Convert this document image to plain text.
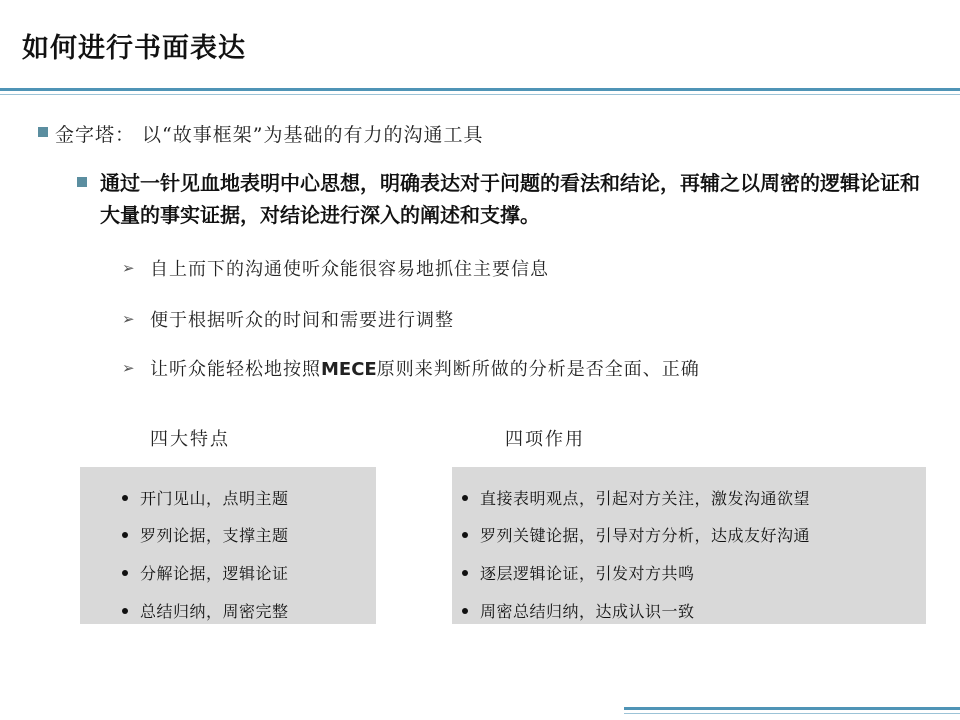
如何进行书面表达
金字塔： 以“故事框架”为基础的有力的沟通工具
通过一针见血地表明中心思想，明确表达对于问题的看法和结论，再辅之以周密的逻辑论证和大量的事实证据，对结论进行深入的阐述和支撑。
➢ 自上而下的沟通使听众能很容易地抓住主要信息
➢ 便于根据听众的时间和需要进行调整
➢ 让听众能轻松地按照MECE原则来判断所做的分析是否全面、正确
四大特点	四项作用
开门见山，点明主题
罗列论据，支撑主题
分解论据，逻辑论证
总结归纳，周密完整
直接表明观点，引起对方关注，激发沟通欲望
罗列关键论据，引导对方分析，达成友好沟通
逐层逻辑论证，引发对方共鸣
周密总结归纳，达成认识一致
